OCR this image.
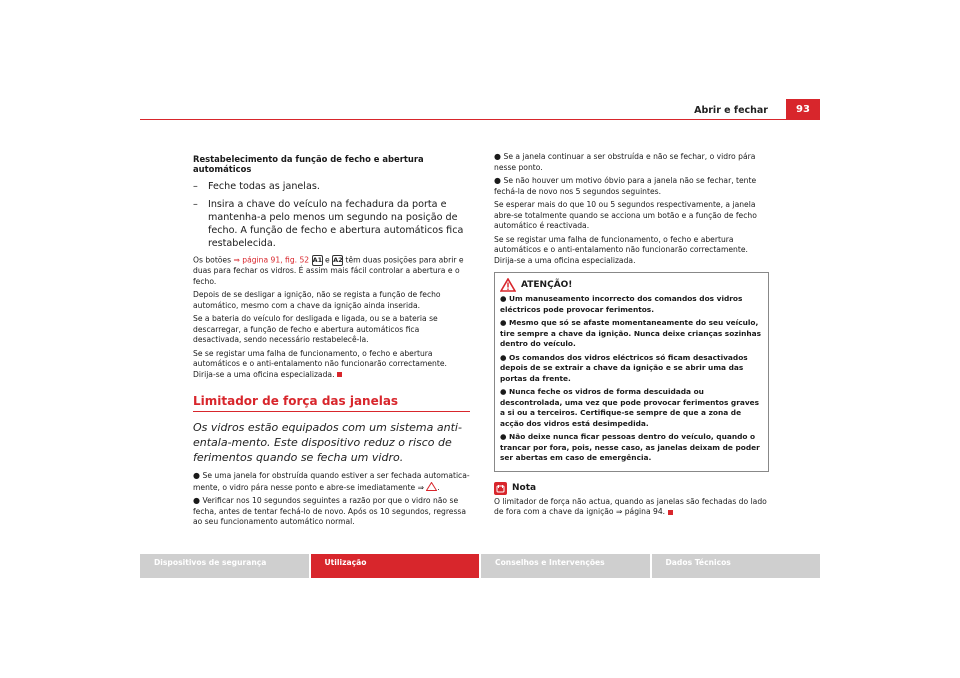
Abrir e fechar	93
Restabelecimento da função de fecho e abertura automáticos
– Feche todas as janelas.
– Insira a chave do veículo na fechadura da porta e mantenha-a pelo menos um segundo na posição de fecho. A função de fecho e abertura automáticos fica restabelecida.
Os botões ⇒ página 91, fig. 52 A1 e A2 têm duas posições para abrir e duas para fechar os vidros. É assim mais fácil controlar a abertura e o fecho.
Depois de se desligar a ignição, não se regista a função de fecho automático, mesmo com a chave da ignição ainda inserida.
Se a bateria do veículo for desligada e ligada, ou se a bateria se descarregar, a função de fecho e abertura automáticos fica desactivada, sendo necessário restabelecê-la.
Se se registar uma falha de funcionamento, o fecho e abertura automáticos e o anti-entalamento não funcionarão correctamente. Dirija-se a uma oficina especializada.
Limitador de força das janelas
Os vidros estão equipados com um sistema anti-entala-mento. Este dispositivo reduz o risco de ferimentos quando se fecha um vidro.
● Se uma janela for obstruída quando estiver a ser fechada automatica-mente, o vidro pára nesse ponto e abre-se imediatamente ⇒ .
● Verificar nos 10 segundos seguintes a razão por que o vidro não se fecha, antes de tentar fechá-lo de novo. Após os 10 segundos, regressa ao seu funcionamento automático normal.
● Se a janela continuar a ser obstruída e não se fechar, o vidro pára nesse ponto.
● Se não houver um motivo óbvio para a janela não se fechar, tente fechá-la de novo nos 5 segundos seguintes.
Se esperar mais do que 10 ou 5 segundos respectivamente, a janela abre-se totalmente quando se acciona um botão e a função de fecho automático é reactivada.
Se se registar uma falha de funcionamento, o fecho e abertura automáticos e o anti-entalamento não funcionarão correctamente. Dirija-se a uma oficina especializada.
ATENÇÃO!
● Um manuseamento incorrecto dos comandos dos vidros eléctricos pode provocar ferimentos.
● Mesmo que só se afaste momentaneamente do seu veículo, tire sempre a chave da ignição. Nunca deixe crianças sozinhas dentro do veículo.
● Os comandos dos vidros eléctricos só ficam desactivados depois de se extrair a chave da ignição e se abrir uma das portas da frente.
● Nunca feche os vidros de forma descuidada ou descontrolada, uma vez que pode provocar ferimentos graves a si ou a terceiros. Certifique-se sempre de que a zona de acção dos vidros está desimpedida.
● Não deixe nunca ficar pessoas dentro do veículo, quando o trancar por fora, pois, nesse caso, as janelas deixam de poder ser abertas em caso de emergência.
Nota
O limitador de força não actua, quando as janelas são fechadas do lado de fora com a chave da ignição ⇒ página 94.
Dispositivos de segurança	Utilização	Conselhos e Intervenções	Dados Técnicos
